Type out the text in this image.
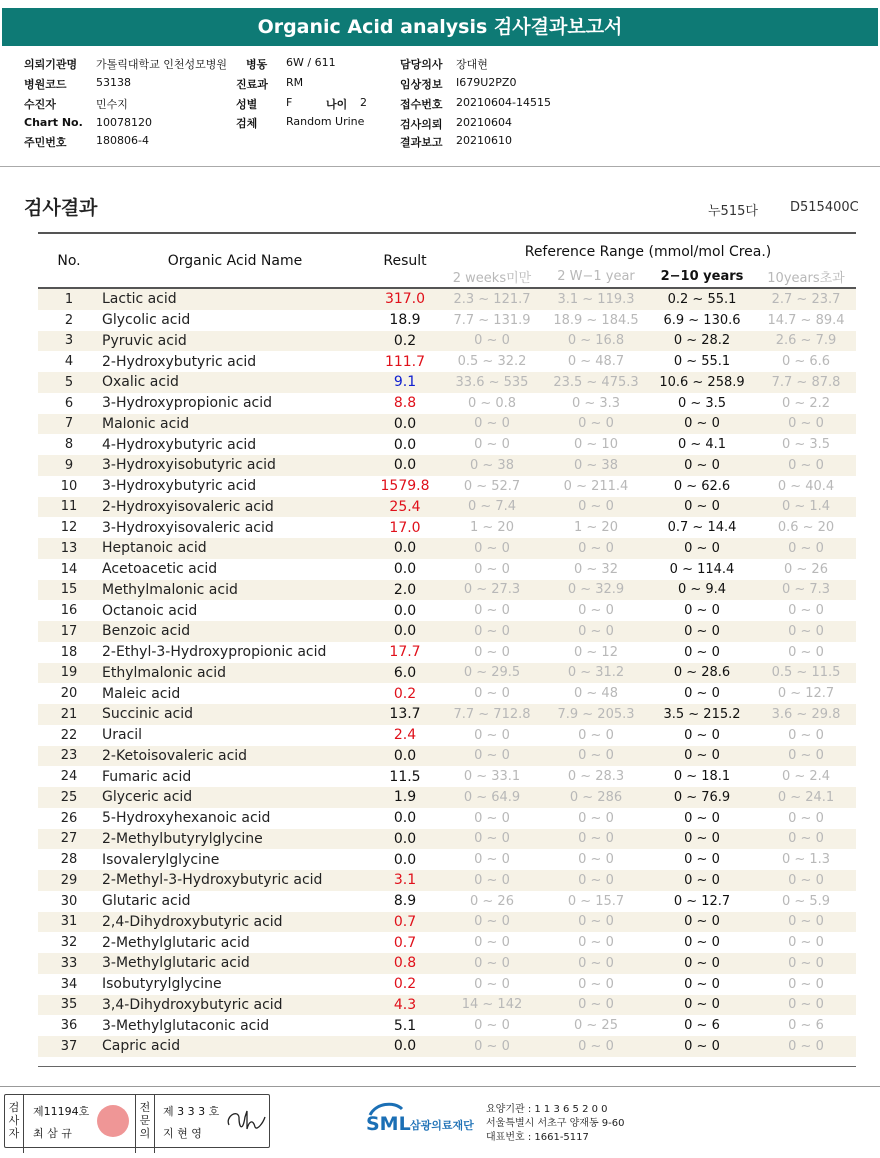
Organic Acid analysis 검사결과보고서
의뢰기관명 가톨릭대학교 인천성모병원
병원코드	53138
수진자	민수지
Chart No. 10078120
주민번호	180806-4
병동 6W / 611
진료과 RM
성별	F	나이 2
검체	Random Urine
담당의사 장대현
임상정보 I679U2PZ0
접수번호 20210604-14515
검사의뢰 20210604
결과보고 20210610
검사결과	누515다 D515400C
No.	Organic Acid Name	Result	Reference Range (mmol/mol Crea.)			
			2 weeks미만	2 W−1 year	2−10 years	10years초과
1	Lactic acid	317.0	2.3 ~ 121.7	3.1 ~ 119.3	0.2 ~ 55.1	2.7 ~ 23.7
2	Glycolic acid	18.9	7.7 ~ 131.9	18.9 ~ 184.5	6.9 ~ 130.6	14.7 ~ 89.4
3	Pyruvic acid	0.2	0 ~ 0	0 ~ 16.8	0 ~ 28.2	2.6 ~ 7.9
4	2-Hydroxybutyric acid	111.7	0.5 ~ 32.2	0 ~ 48.7	0 ~ 55.1	0 ~ 6.6
5	Oxalic acid	9.1	33.6 ~ 535	23.5 ~ 475.3	10.6 ~ 258.9	7.7 ~ 87.8
6	3-Hydroxypropionic acid	8.8	0 ~ 0.8	0 ~ 3.3	0 ~ 3.5	0 ~ 2.2
7	Malonic acid	0.0	0 ~ 0	0 ~ 0	0 ~ 0	0 ~ 0
8	4-Hydroxybutyric acid	0.0	0 ~ 0	0 ~ 10	0 ~ 4.1	0 ~ 3.5
9	3-Hydroxyisobutyric acid	0.0	0 ~ 38	0 ~ 38	0 ~ 0	0 ~ 0
10	3-Hydroxybutyric acid	1579.8	0 ~ 52.7	0 ~ 211.4	0 ~ 62.6	0 ~ 40.4
11	2-Hydroxyisovaleric acid	25.4	0 ~ 7.4	0 ~ 0	0 ~ 0	0 ~ 1.4
12	3-Hydroxyisovaleric acid	17.0	1 ~ 20	1 ~ 20	0.7 ~ 14.4	0.6 ~ 20
13	Heptanoic acid	0.0	0 ~ 0	0 ~ 0	0 ~ 0	0 ~ 0
14	Acetoacetic acid	0.0	0 ~ 0	0 ~ 32	0 ~ 114.4	0 ~ 26
15	Methylmalonic acid	2.0	0 ~ 27.3	0 ~ 32.9	0 ~ 9.4	0 ~ 7.3
16	Octanoic acid	0.0	0 ~ 0	0 ~ 0	0 ~ 0	0 ~ 0
17	Benzoic acid	0.0	0 ~ 0	0 ~ 0	0 ~ 0	0 ~ 0
18	2-Ethyl-3-Hydroxypropionic acid	17.7	0 ~ 0	0 ~ 12	0 ~ 0	0 ~ 0
19	Ethylmalonic acid	6.0	0 ~ 29.5	0 ~ 31.2	0 ~ 28.6	0.5 ~ 11.5
20	Maleic acid	0.2	0 ~ 0	0 ~ 48	0 ~ 0	0 ~ 12.7
21	Succinic acid	13.7	7.7 ~ 712.8	7.9 ~ 205.3	3.5 ~ 215.2	3.6 ~ 29.8
22	Uracil	2.4	0 ~ 0	0 ~ 0	0 ~ 0	0 ~ 0
23	2-Ketoisovaleric acid	0.0	0 ~ 0	0 ~ 0	0 ~ 0	0 ~ 0
24	Fumaric acid	11.5	0 ~ 33.1	0 ~ 28.3	0 ~ 18.1	0 ~ 2.4
25	Glyceric acid	1.9	0 ~ 64.9	0 ~ 286	0 ~ 76.9	0 ~ 24.1
26	5-Hydroxyhexanoic acid	0.0	0 ~ 0	0 ~ 0	0 ~ 0	0 ~ 0
27	2-Methylbutyrylglycine	0.0	0 ~ 0	0 ~ 0	0 ~ 0	0 ~ 0
28	Isovalerylglycine	0.0	0 ~ 0	0 ~ 0	0 ~ 0	0 ~ 1.3
29	2-Methyl-3-Hydroxybutyric acid	3.1	0 ~ 0	0 ~ 0	0 ~ 0	0 ~ 0
30	Glutaric acid	8.9	0 ~ 26	0 ~ 15.7	0 ~ 12.7	0 ~ 5.9
31	2,4-Dihydroxybutyric acid	0.7	0 ~ 0	0 ~ 0	0 ~ 0	0 ~ 0
32	2-Methylglutaric acid	0.7	0 ~ 0	0 ~ 0	0 ~ 0	0 ~ 0
33	3-Methylglutaric acid	0.8	0 ~ 0	0 ~ 0	0 ~ 0	0 ~ 0
34	Isobutyrylglycine	0.2	0 ~ 0	0 ~ 0	0 ~ 0	0 ~ 0
35	3,4-Dihydroxybutyric acid	4.3	14 ~ 142	0 ~ 0	0 ~ 0	0 ~ 0
36	3-Methylglutaconic acid	5.1	0 ~ 0	0 ~ 25	0 ~ 6	0 ~ 6
37	Capric acid	0.0	0 ~ 0	0 ~ 0	0 ~ 0	0 ~ 0
검사자
제11194호
최 삼 규
전문의
제 3 3 3 호
지 현 영	SML 삼광의료재단
요양기관 : 1 1 3 6 5 2 0 0
서울특별시 서초구 양재동 9-60
대표번호 : 1661-5117
